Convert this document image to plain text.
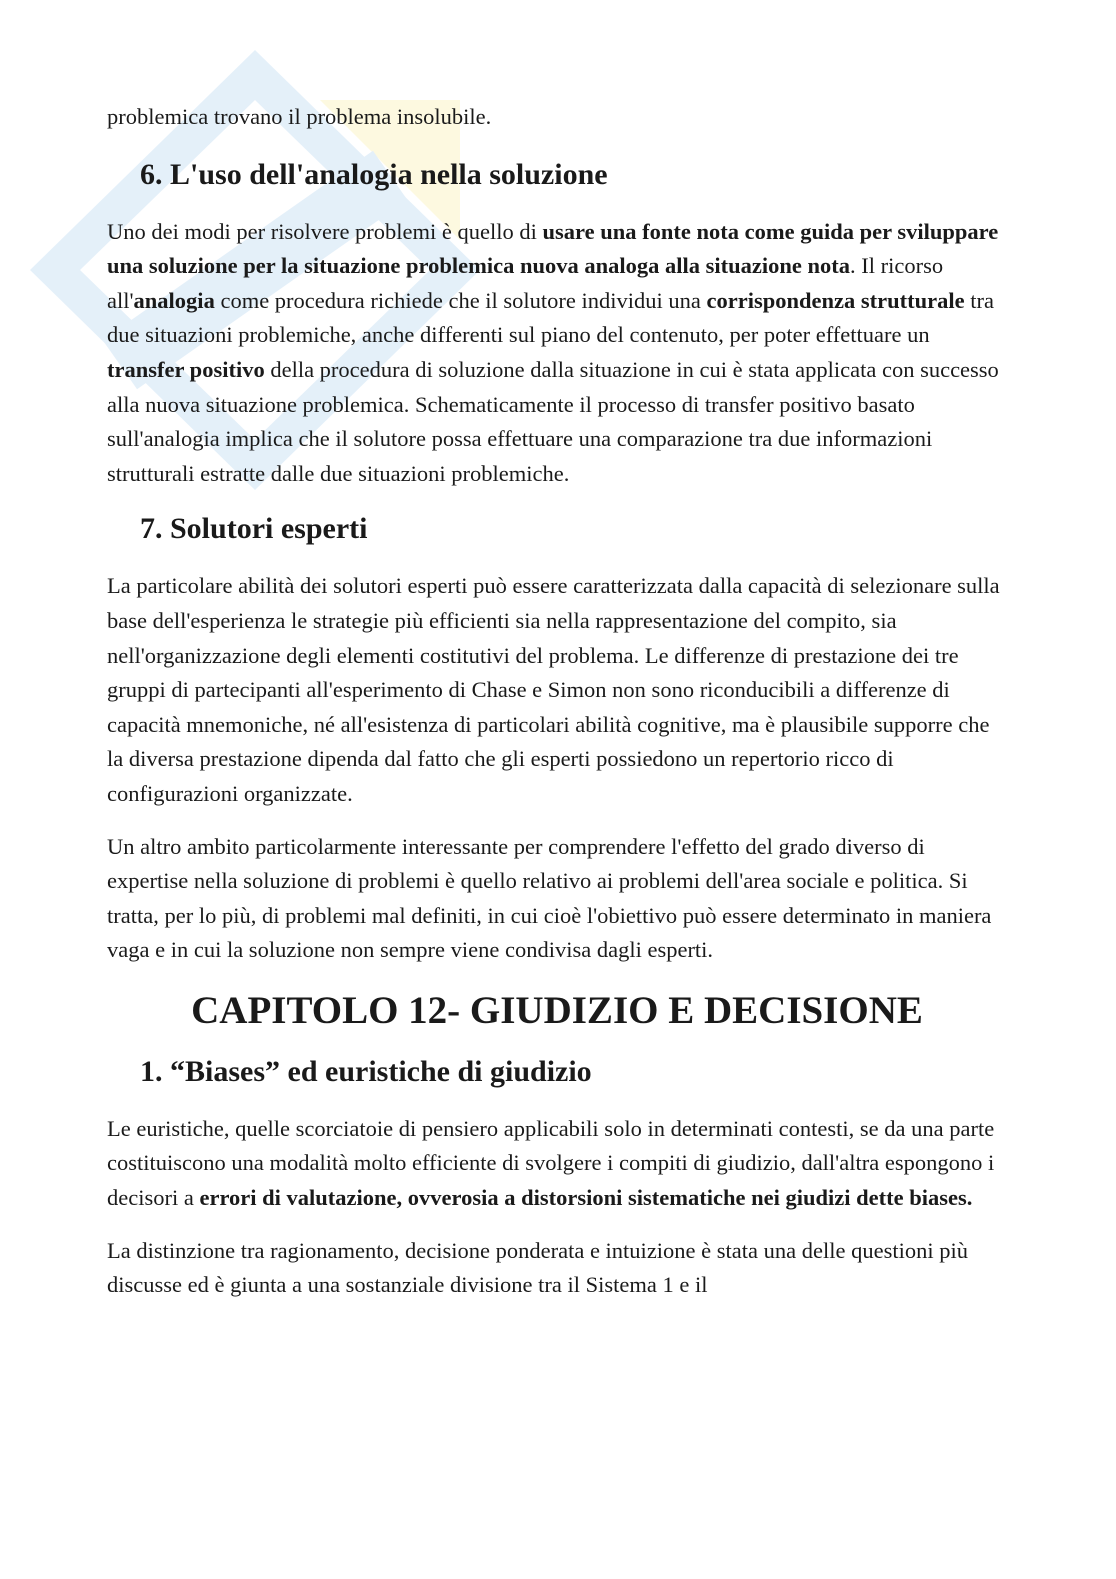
problemica trovano il problema insolubile.

6. L'uso dell'analogia nella soluzione

Uno dei modi per risolvere problemi è quello di usare una fonte nota come guida per sviluppare una soluzione per la situazione problemica nuova analoga alla situazione nota. Il ricorso all'analogia come procedura richiede che il solutore individui una corrispondenza strutturale tra due situazioni problemiche, anche differenti sul piano del contenuto, per poter effettuare un transfer positivo della procedura di soluzione dalla situazione in cui è stata applicata con successo alla nuova situazione problemica. Schematicamente il processo di transfer positivo basato sull'analogia implica che il solutore possa effettuare una comparazione tra due informazioni strutturali estratte dalle due situazioni problemiche.

7. Solutori esperti

La particolare abilità dei solutori esperti può essere caratterizzata dalla capacità di selezionare sulla base dell'esperienza le strategie più efficienti sia nella rappresentazione del compito, sia nell'organizzazione degli elementi costitutivi del problema. Le differenze di prestazione dei tre gruppi di partecipanti all'esperimento di Chase e Simon non sono riconducibili a differenze di capacità mnemoniche, né all'esistenza di particolari abilità cognitive, ma è plausibile supporre che la diversa prestazione dipenda dal fatto che gli esperti possiedono un repertorio ricco di configurazioni organizzate.

Un altro ambito particolarmente interessante per comprendere l'effetto del grado diverso di expertise nella soluzione di problemi è quello relativo ai problemi dell'area sociale e politica. Si tratta, per lo più, di problemi mal definiti, in cui cioè l'obiettivo può essere determinato in maniera vaga e in cui la soluzione non sempre viene condivisa dagli esperti.

CAPITOLO 12- GIUDIZIO E DECISIONE
1. “Biases” ed euristiche di giudizio

Le euristiche, quelle scorciatoie di pensiero applicabili solo in determinati contesti, se da una parte costituiscono una modalità molto efficiente di svolgere i compiti di giudizio, dall'altra espongono i decisori a errori di valutazione, ovverosia a distorsioni sistematiche nei giudizi dette biases.

La distinzione tra ragionamento, decisione ponderata e intuizione è stata una delle questioni più discusse ed è giunta a una sostanziale divisione tra il Sistema 1 e il
